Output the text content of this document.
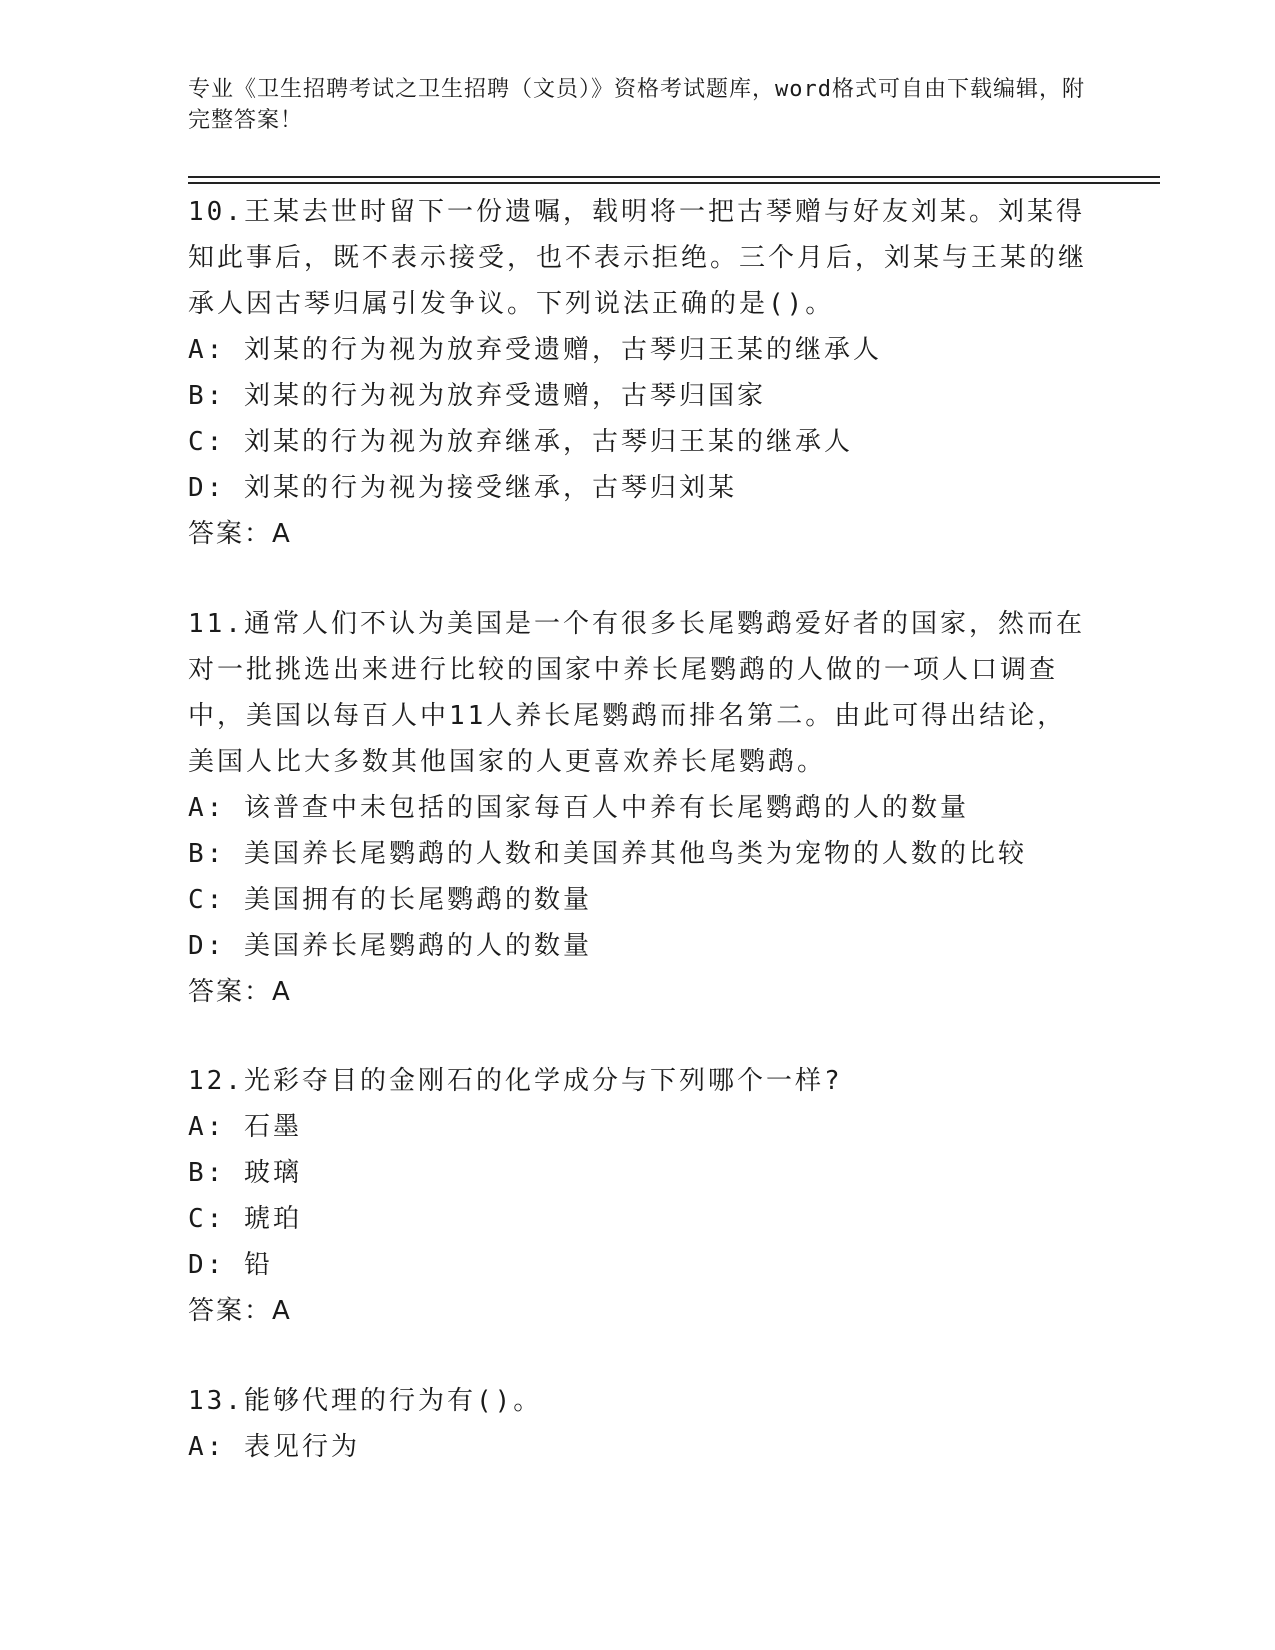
专业《卫生招聘考试之卫生招聘（文员）》资格考试题库，word格式可自由下载编辑，附完整答案！

10.王某去世时留下一份遗嘱，载明将一把古琴赠与好友刘某。刘某得知此事后，既不表示接受，也不表示拒绝。三个月后，刘某与王某的继承人因古琴归属引发争议。下列说法正确的是()。

A: 刘某的行为视为放弃受遗赠，古琴归王某的继承人

B: 刘某的行为视为放弃受遗赠，古琴归国家

C: 刘某的行为视为放弃继承，古琴归王某的继承人

D: 刘某的行为视为接受继承，古琴归刘某

答案：A

11.通常人们不认为美国是一个有很多长尾鹦鹉爱好者的国家，然而在对一批挑选出来进行比较的国家中养长尾鹦鹉的人做的一项人口调查中，美国以每百人中11人养长尾鹦鹉而排名第二。由此可得出结论，美国人比大多数其他国家的人更喜欢养长尾鹦鹉。

A: 该普查中未包括的国家每百人中养有长尾鹦鹉的人的数量

B: 美国养长尾鹦鹉的人数和美国养其他鸟类为宠物的人数的比较

C: 美国拥有的长尾鹦鹉的数量

D: 美国养长尾鹦鹉的人的数量

答案：A

12.光彩夺目的金刚石的化学成分与下列哪个一样?

A: 石墨

B: 玻璃

C: 琥珀

D: 铅

答案：A

13.能够代理的行为有()。

A: 表见行为
